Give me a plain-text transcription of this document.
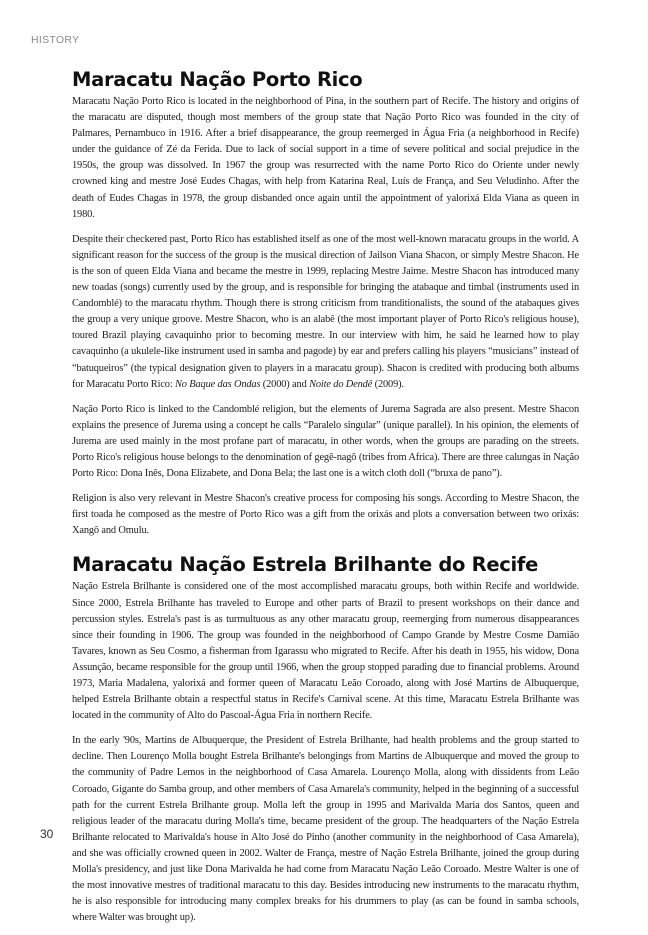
HISTORY
Maracatu Nação Porto Rico

Maracatu Nação Porto Rico is located in the neighborhood of Pina, in the southern part of Recife. The history and origins of the maracatu are disputed, though most members of the group state that Nação Porto Rico was founded in the city of Palmares, Pernambuco in 1916. After a brief disappearance, the group reemerged in Água Fria (a neighborhood in Recife) under the guidance of Zé da Ferida. Due to lack of social support in a time of severe political and social prejudice in the 1950s, the group was dissolved. In 1967 the group was resurrected with the name Porto Rico do Oriente under newly crowned king and mestre José Eudes Chagas, with help from Katarina Real, Luís de França, and Seu Veludinho. After the death of Eudes Chagas in 1978, the group disbanded once again until the appointment of yalorixá Elda Viana as queen in 1980.

Despite their checkered past, Porto Rico has established itself as one of the most well-known maracatu groups in the world. A significant reason for the success of the group is the musical direction of Jailson Viana Shacon, or simply Mestre Shacon. He is the son of queen Elda Viana and became the mestre in 1999, replacing Mestre Jaime. Mestre Shacon has introduced many new toadas (songs) currently used by the group, and is responsible for bringing the atabaque and timbal (instruments used in Candomblé) to the maracatu rhythm. Though there is strong criticism from tranditionalists, the sound of the atabaques gives the group a very unique groove. Mestre Shacon, who is an alabê (the most important player of Porto Rico's religious house), toured Brazil playing cavaquinho prior to becoming mestre. In our interview with him, he said he learned how to play cavaquinho (a ukulele-like instrument used in samba and pagode) by ear and prefers calling his players “musicians” instead of “batuqueiros” (the typical designation given to players in a maracatu group). Shacon is credited with producing both albums for Maracatu Porto Rico: No Baque das Ondas (2000) and Noite do Dendê (2009).

Nação Porto Rico is linked to the Candomblé religion, but the elements of Jurema Sagrada are also present. Mestre Shacon explains the presence of Jurema using a concept he calls “Paralelo singular” (unique parallel). In his opinion, the elements of Jurema are used mainly in the most profane part of maracatu, in other words, when the groups are parading on the streets. Porto Rico's religious house belongs to the denomination of gegê-nagô (tribes from Africa). There are three calungas in Nação Porto Rico: Dona Inês, Dona Elizabete, and Dona Bela; the last one is a witch cloth doll (“bruxa de pano”).

Religion is also very relevant in Mestre Shacon's creative process for composing his songs. According to Mestre Shacon, the first toada he composed as the mestre of Porto Rico was a gift from the orixás and plots a conversation between two orixás: Xangô and Omulu.

Maracatu Nação Estrela Brilhante do Recife

Nação Estrela Brilhante is considered one of the most accomplished maracatu groups, both within Recife and worldwide. Since 2000, Estrela Brilhante has traveled to Europe and other parts of Brazil to present workshops on their dance and percussion styles. Estrela's past is as turmultuous as any other maracatu group, reemerging from numerous disappearances since their founding in 1906. The group was founded in the neighborhood of Campo Grande by Mestre Cosme Damião Tavares, known as Seu Cosmo, a fisherman from Igarassu who migrated to Recife. After his death in 1955, his widow, Dona Assunção, became responsible for the group until 1966, when the group stopped parading due to financial problems. Around 1973, Maria Madalena, yalorixá and former queen of Maracatu Leão Coroado, along with José Martins de Albuquerque, helped Estrela Brilhante obtain a respectful status in Recife's Carnival scene. At this time, Maracatu Estrela Brilhante was located in the community of Alto do Pascoal-Água Fria in northern Recife.

In the early '90s, Martins de Albuquerque, the President of Estrela Brilhante, had health problems and the group started to decline. Then Lourenço Molla bought Estrela Brilhante's belongings from Martins de Albuquerque and moved the group to the community of Padre Lemos in the neighborhood of Casa Amarela. Lourenço Molla, along with dissidents from Leão Coroado, Gigante do Samba group, and other members of Casa Amarela's community, helped in the beginning of a successful path for the current Estrela Brilhante group. Molla left the group in 1995 and Marivalda Maria dos Santos, queen and religious leader of the maracatu during Molla's time, became president of the group. The headquarters of the Nação Estrela Brilhante relocated to Marivalda's house in Alto José do Pinho (another community in the neighborhood of Casa Amarela), and she was officially crowned queen in 2002. Walter de França, mestre of Nação Estrela Brilhante, joined the group during Molla's presidency, and just like Dona Marivalda he had come from Maracatu Nação Leão Coroado. Mestre Walter is one of the most innovative mestres of traditional maracatu to this day. Besides introducing new instruments to the maracatu rhythm, he is also responsible for introducing many complex breaks for his drummers to play (as can be found in samba schools, where Walter was brought up).

30
